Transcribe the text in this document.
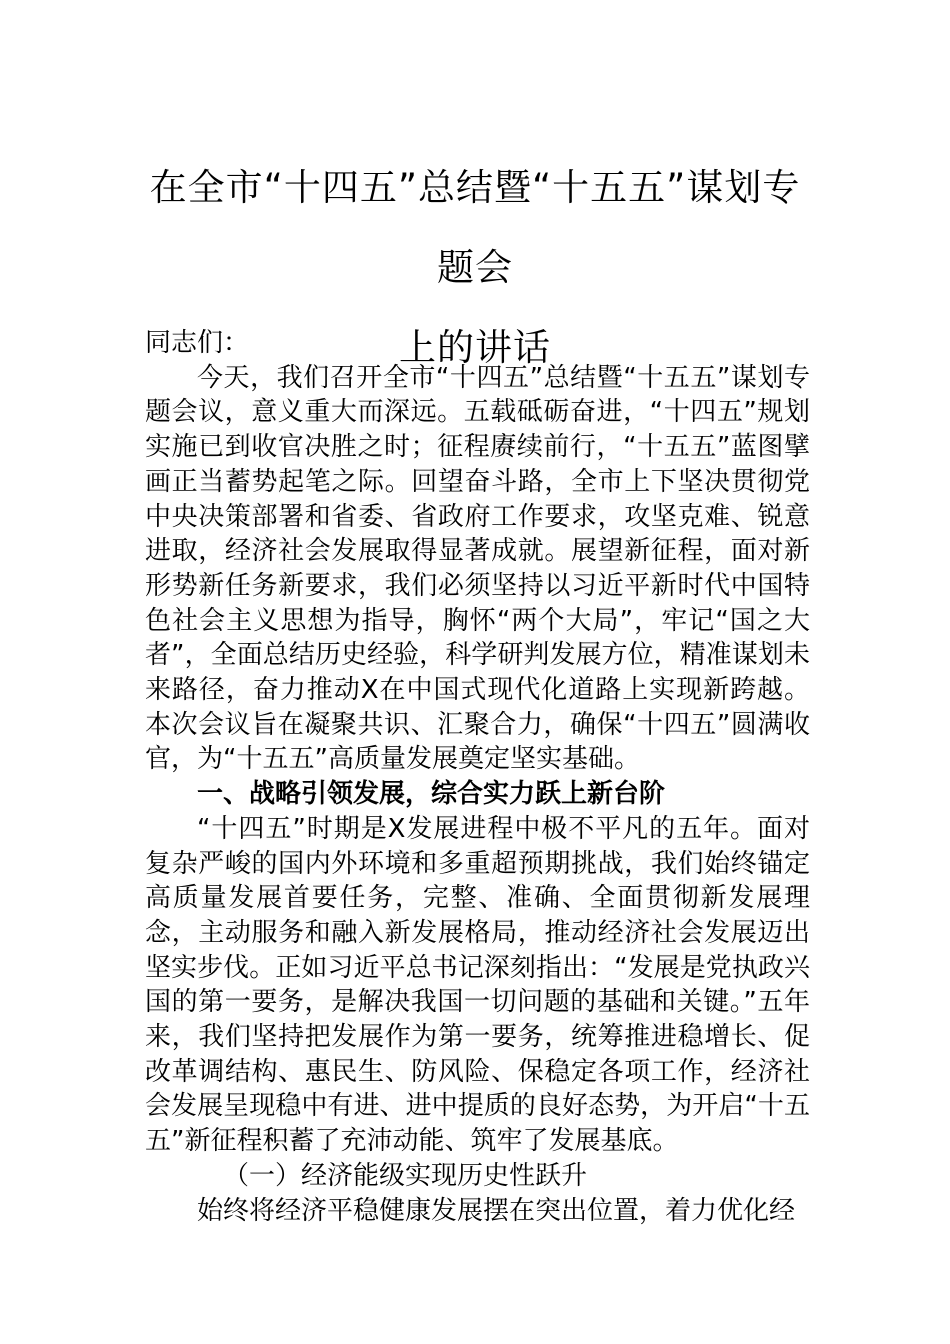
在全市“十四五”总结暨“十五五”谋划专题会
上的讲话

同志们：

今天，我们召开全市“十四五”总结暨“十五五”谋划专题会议，意义重大而深远。五载砥砺奋进，“十四五”规划实施已到收官决胜之时；征程赓续前行，“十五五”蓝图擘画正当蓄势起笔之际。回望奋斗路，全市上下坚决贯彻党中央决策部署和省委、省政府工作要求，攻坚克难、锐意进取，经济社会发展取得显著成就。展望新征程，面对新形势新任务新要求，我们必须坚持以习近平新时代中国特色社会主义思想为指导，胸怀“两个大局”，牢记“国之大者”，全面总结历史经验，科学研判发展方位，精准谋划未来路径，奋力推动X在中国式现代化道路上实现新跨越。本次会议旨在凝聚共识、汇聚合力，确保“十四五”圆满收官，为“十五五”高质量发展奠定坚实基础。

一、战略引领发展，综合实力跃上新台阶

“十四五”时期是X发展进程中极不平凡的五年。面对复杂严峻的国内外环境和多重超预期挑战，我们始终锚定高质量发展首要任务，完整、准确、全面贯彻新发展理念，主动服务和融入新发展格局，推动经济社会发展迈出坚实步伐。正如习近平总书记深刻指出：“发展是党执政兴国的第一要务，是解决我国一切问题的基础和关键。”五年来，我们坚持把发展作为第一要务，统筹推进稳增长、促改革调结构、惠民生、防风险、保稳定各项工作，经济社会发展呈现稳中有进、进中提质的良好态势，为开启“十五五”新征程积蓄了充沛动能、筑牢了发展基底。

（一）经济能级实现历史性跃升

始终将经济平稳健康发展摆在突出位置，着力优化经
